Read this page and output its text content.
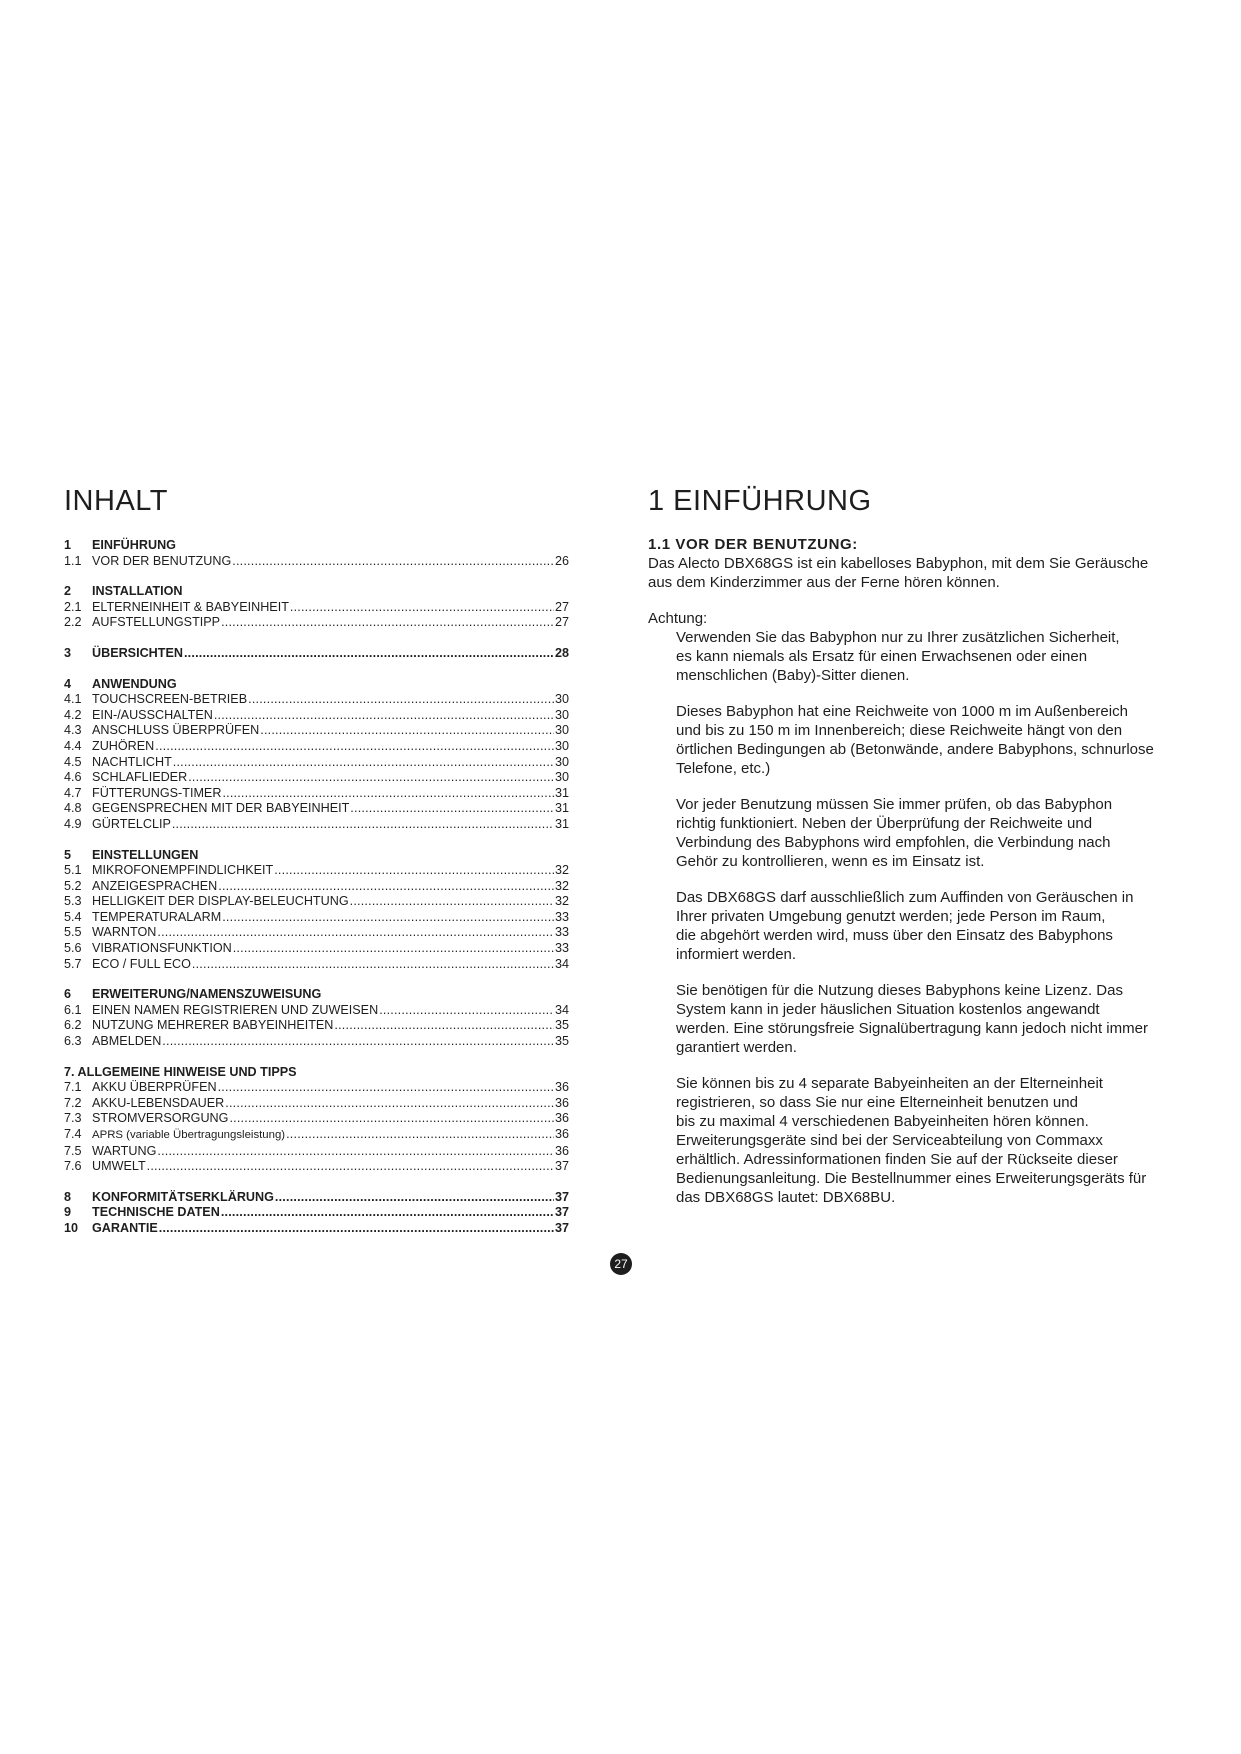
INHALT
1	EINFÜHRUNG
1.1 VOR DER BENUTZUNG .....	26
2	INSTALLATION
2.1 ELTERNEINHEIT & BABYEINHEIT .....	27
2.2 AUFSTELLUNGSTIPP .....	27
3	ÜBERSICHTEN .....	28
4	ANWENDUNG
4.1 TOUCHSCREEN-BETRIEB .....	30
4.2 EIN-/AUSSCHALTEN .....	30
4.3 ANSCHLUSS ÜBERPRÜFEN .....	30
4.4 ZUHÖREN .....	30
4.5 NACHTLICHT .....	30
4.6 SCHLAFLIEDER .....	30
4.7 FÜTTERUNGS-TIMER .....	31
4.8 GEGENSPRECHEN MIT DER BABYEINHEIT .....	31
4.9 GÜRTELCLIP .....	31
5	EINSTELLUNGEN
5.1 MIKROFONEMPFINDLICHKEIT .....	32
5.2 ANZEIGESPRACHEN .....	32
5.3 HELLIGKEIT DER DISPLAY-BELEUCHTUNG .....	32
5.4 TEMPERATURALARM .....	33
5.5 WARNTON .....	33
5.6 VIBRATIONSFUNKTION .....	33
5.7 ECO / FULL ECO .....	34
6	ERWEITERUNG/NAMENSZUWEISUNG
6.1 EINEN NAMEN REGISTRIEREN UND ZUWEISEN .....	34
6.2 NUTZUNG MEHRERER BABYEINHEITEN .....	35
6.3 ABMELDEN .....	35
7. ALLGEMEINE HINWEISE UND TIPPS
7.1 AKKU ÜBERPRÜFEN .....	36
7.2 AKKU-LEBENSDAUER .....	36
7.3 STROMVERSORGUNG .....	36
7.4 APRS (variable Übertragungsleistung) .....	36
7.5 WARTUNG .....	36
7.6 UMWELT .....	37
8	KONFORMITÄTSERKLÄRUNG .....	37
9	TECHNISCHE DATEN .....	37
10	GARANTIE .....	37
1 EINFÜHRUNG

1.1 VOR DER BENUTZUNG:

Das Alecto DBX68GS ist ein kabelloses Babyphon, mit dem Sie Geräusche
aus dem Kinderzimmer aus der Ferne hören können.

Achtung:

Verwenden Sie das Babyphon nur zu Ihrer zusätzlichen Sicherheit,
es kann niemals als Ersatz für einen Erwachsenen oder einen
menschlichen (Baby)-Sitter dienen.

Dieses Babyphon hat eine Reichweite von 1000 m im Außenbereich
und bis zu 150 m im Innenbereich; diese Reichweite hängt von den
örtlichen Bedingungen ab (Betonwände, andere Babyphons, schnurlose
Telefone, etc.)

Vor jeder Benutzung müssen Sie immer prüfen, ob das Babyphon
richtig funktioniert. Neben der Überprüfung der Reichweite und
Verbindung des Babyphons wird empfohlen, die Verbindung nach
Gehör zu kontrollieren, wenn es im Einsatz ist.

Das DBX68GS darf ausschließlich zum Auffinden von Geräuschen in
Ihrer privaten Umgebung genutzt werden; jede Person im Raum,
die abgehört werden wird, muss über den Einsatz des Babyphons
informiert werden.

Sie benötigen für die Nutzung dieses Babyphons keine Lizenz. Das
System kann in jeder häuslichen Situation kostenlos angewandt
werden. Eine störungsfreie Signalübertragung kann jedoch nicht immer
garantiert werden.

Sie können bis zu 4 separate Babyeinheiten an der Elterneinheit
registrieren, so dass Sie nur eine Elterneinheit benutzen und
bis zu maximal 4 verschiedenen Babyeinheiten hören können.
Erweiterungsgeräte sind bei der Serviceabteilung von Commaxx
erhältlich. Adressinformationen finden Sie auf der Rückseite dieser
Bedienungsanleitung. Die Bestellnummer eines Erweiterungsgeräts für
das DBX68GS lautet: DBX68BU.

27
